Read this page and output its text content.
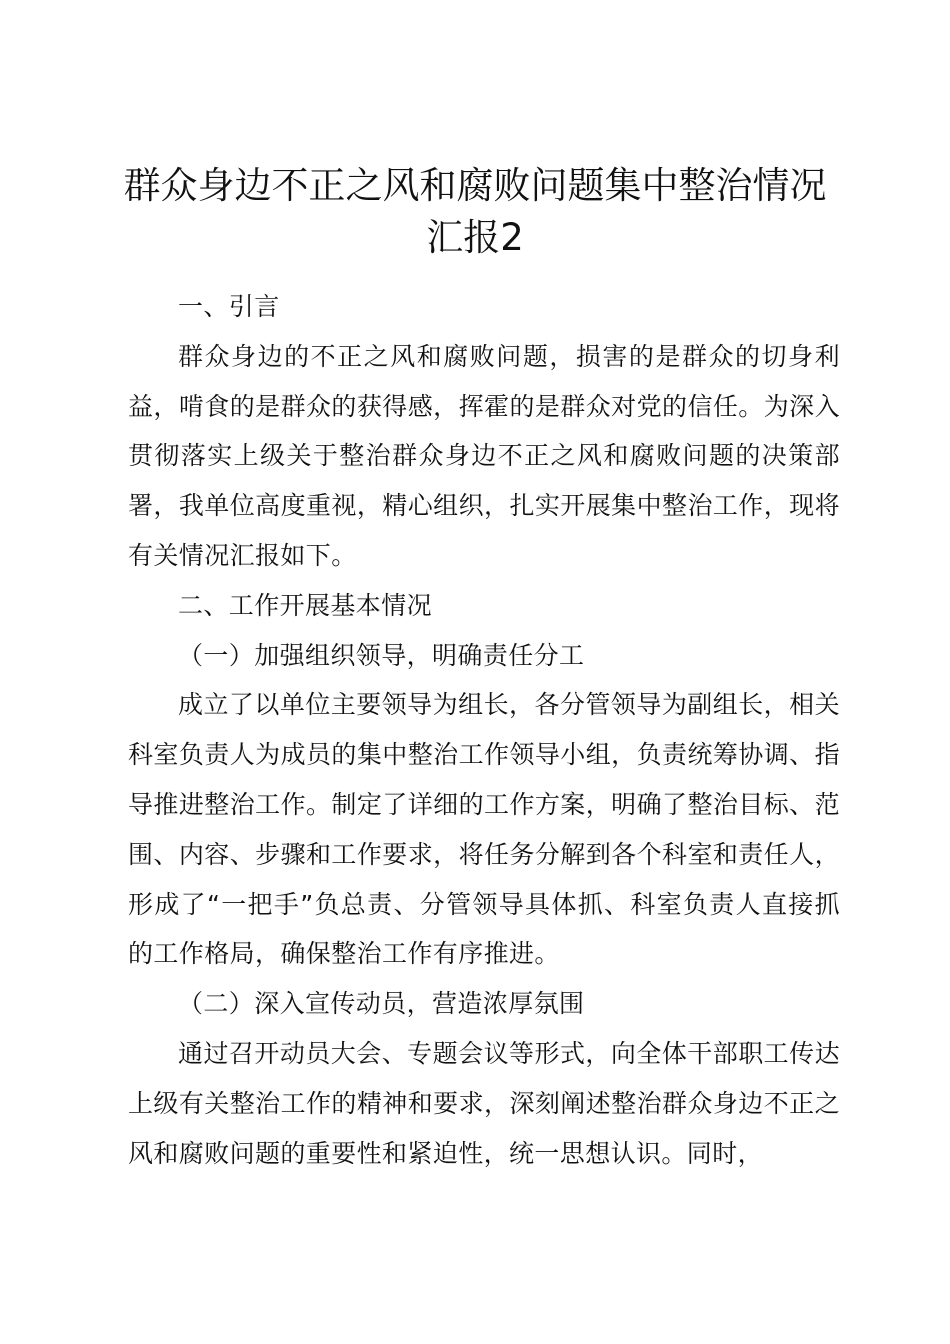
群众身边不正之风和腐败问题集中整治情况汇报2

一、引言

群众身边的不正之风和腐败问题，损害的是群众的切身利益，啃食的是群众的获得感，挥霍的是群众对党的信任。为深入贯彻落实上级关于整治群众身边不正之风和腐败问题的决策部署，我单位高度重视，精心组织，扎实开展集中整治工作，现将有关情况汇报如下。

二、工作开展基本情况

（一）加强组织领导，明确责任分工

成立了以单位主要领导为组长，各分管领导为副组长，相关科室负责人为成员的集中整治工作领导小组，负责统筹协调、指导推进整治工作。制定了详细的工作方案，明确了整治目标、范围、内容、步骤和工作要求，将任务分解到各个科室和责任人，形成了“一把手”负总责、分管领导具体抓、科室负责人直接抓的工作格局，确保整治工作有序推进。

（二）深入宣传动员，营造浓厚氛围

通过召开动员大会、专题会议等形式，向全体干部职工传达上级有关整治工作的精神和要求，深刻阐述整治群众身边不正之风和腐败问题的重要性和紧迫性，统一思想认识。同时，
